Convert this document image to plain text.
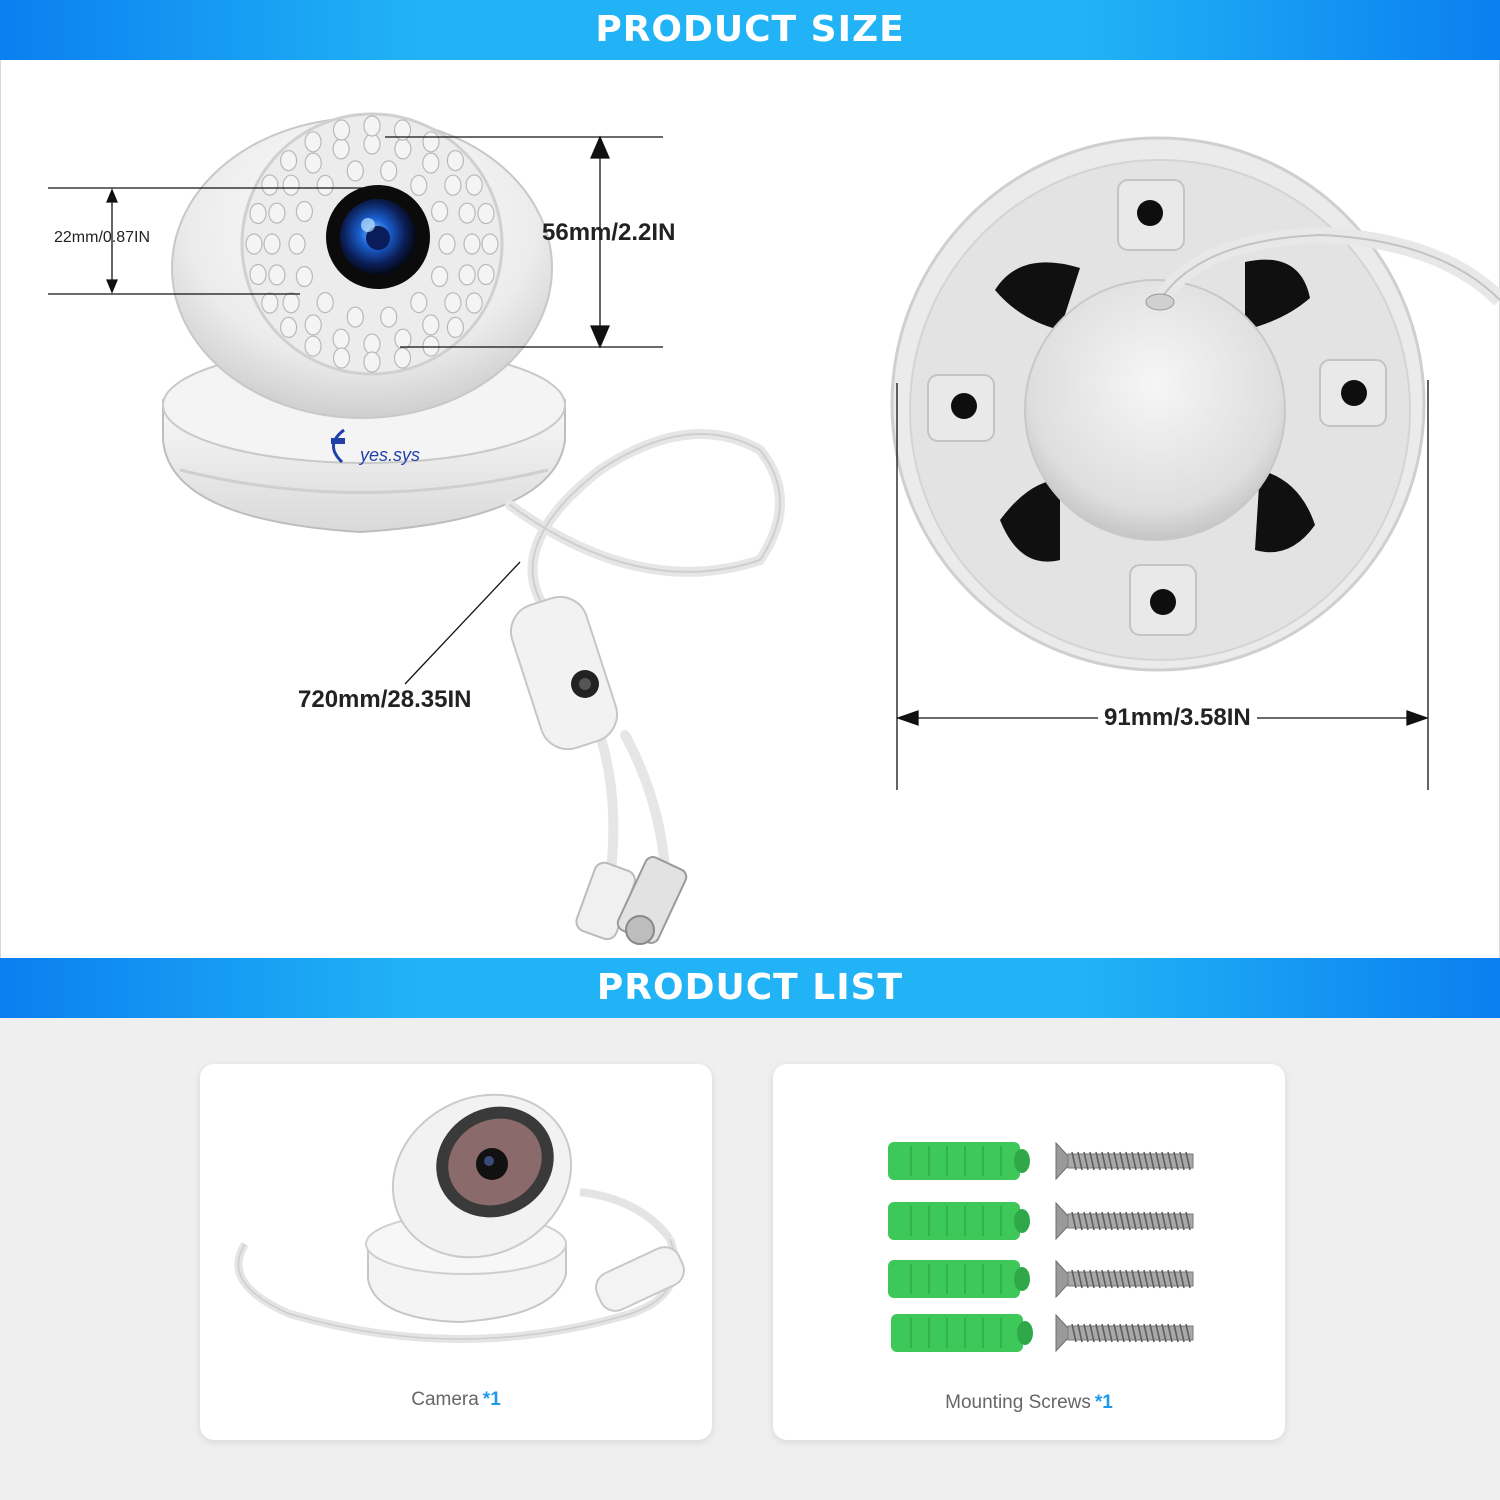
PRODUCT SIZE
yes.sys
22mm/0.87IN	56mm/2.2IN
720mm/28.35IN
91mm/3.58IN
PRODUCT LIST
Camera *1	Mounting Screws *1
